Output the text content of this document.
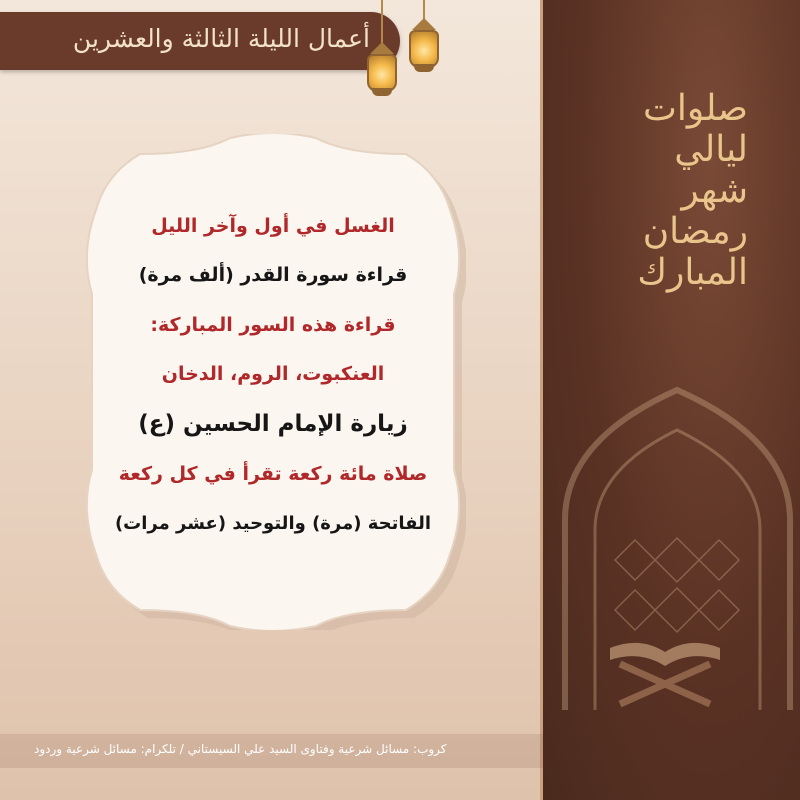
أعمال الليلة الثالثة والعشرين
الغسل في أول وآخر الليل
قراءة سورة القدر (ألف مرة)
قراءة هذه السور المباركة:
العنكبوت، الروم، الدخان
زيارة الإمام الحسين (ع)
صلاة مائة ركعة تقرأ في كل ركعة
الفاتحة (مرة) والتوحيد (عشر مرات)
صلوات
ليالي
شهر
رمضان
المبارك
كروب: مسائل شرعية وفتاوى السيد علي السيستاني / تلكرام: مسائل شرعية وردود
